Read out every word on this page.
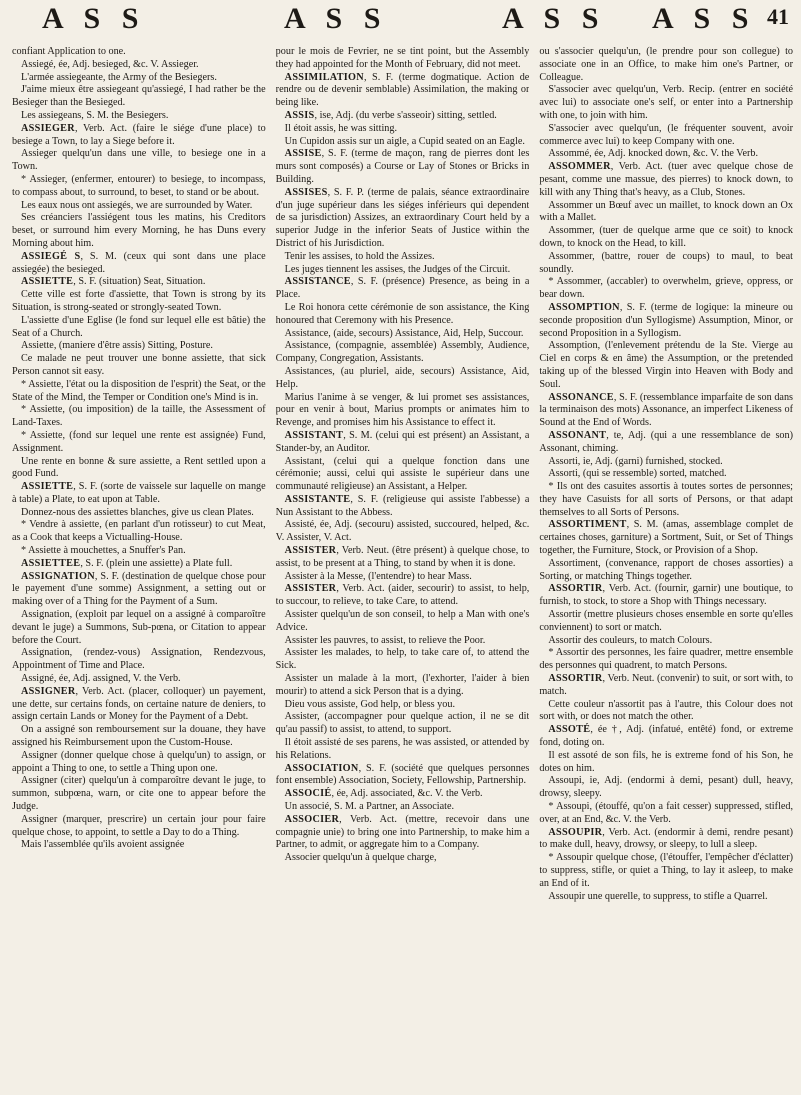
A S S	A S S	A S S A S S 41

confiant Application to one.

Assiegé, ée, Adj. besieged, &c. V. Assieger.

L'armée assiegeante, the Army of the Besiegers.

J'aime mieux être assiegeant qu'assiegé, I had rather be the Besieger than the Besieged.

Les assiegeans, S. M. the Besiegers.

ASSIEGER, Verb. Act. (faire le siége d'une place) to besiege a Town, to lay a Siege before it.

Assieger quelqu'un dans une ville, to besiege one in a Town.

* Assieger, (enfermer, entourer) to besiege, to incompass, to compass about, to surround, to beset, to stand or be about.

Les eaux nous ont assiegés, we are surrounded by Water.

Ses créanciers l'assiégent tous les matins, his Creditors beset, or surround him every Morning, he has Duns every Morning about him.

ASSIEGÉ S, S. M. (ceux qui sont dans une place assiegée) the besieged.

ASSIETTE, S. F. (situation) Seat, Situation.

Cette ville est forte d'assiette, that Town is strong by its Situation, is strong-seated or strongly-seated Town.

L'assiette d'une Eglise (le fond sur lequel elle est bâtie) the Seat of a Church.

Assiette, (maniere d'être assis) Sitting, Posture.

Ce malade ne peut trouver une bonne assiette, that sick Person cannot sit easy.

* Assiette, l'état ou la disposition de l'esprit) the Seat, or the State of the Mind, the Temper or Condition one's Mind is in.

* Assiette, (ou imposition) de la taille, the Assessment of Land-Taxes.

* Assiette, (fond sur lequel une rente est assignée) Fund, Assignment.

Une rente en bonne & sure assiette, a Rent settled upon a good Fund.

ASSIETTE, S. F. (sorte de vaissele sur laquelle on mange à table) a Plate, to eat upon at Table.

Donnez-nous des assiettes blanches, give us clean Plates.

* Vendre à assiette, (en parlant d'un rotisseur) to cut Meat, as a Cook that keeps a Victualling-House.

* Assiette à mouchettes, a Snuffer's Pan.

ASSIETTEE, S. F. (plein une assiette) a Plate full.

ASSIGNATION, S. F. (destination de quelque chose pour le payement d'une somme) Assignment, a setting out or making over of a Thing for the Payment of a Sum.

Assignation, (exploit par lequel on a assigné à comparoître devant le juge) a Summons, Sub-pœna, or Citation to appear before the Court.

Assignation, (rendez-vous) Assignation, Rendezvous, Appointment of Time and Place.

Assigné, ée, Adj. assigned, V. the Verb.

ASSIGNER, Verb. Act. (placer, colloquer) un payement, une dette, sur certains fonds, on certaine nature de deniers, to assign certain Lands or Money for the Payment of a Debt.

On a assigné son remboursement sur la douane, they have assigned his Reimbursement upon the Custom-House.

Assigner (donner quelque chose à quelqu'un) to assign, or appoint a Thing to one, to settle a Thing upon one.

Assigner (citer) quelqu'un à comparoître devant le juge, to summon, subpœna, warn, or cite one to appear before the Judge.

Assigner (marquer, prescrire) un certain jour pour faire quelque chose, to appoint, to settle a Day to do a Thing.

Mais l'assemblée qu'ils avoient assignée

pour le mois de Fevrier, ne se tint point, but the Assembly they had appointed for the Month of February, did not meet.

ASSIMILATION, S. F. (terme dogmatique. Action de rendre ou de devenir semblable) Assimilation, the making or being like.

ASSIS, ise, Adj. (du verbe s'asseoir) sitting, settled.

Il étoit assis, he was sitting.

Un Cupidon assis sur un aigle, a Cupid seated on an Eagle.

ASSISE, S. F. (terme de maçon, rang de pierres dont les murs sont composés) a Course or Lay of Stones or Bricks in Building.

ASSISES, S. F. P. (terme de palais, séance extraordinaire d'un juge supérieur dans les siéges inférieurs qui dependent de sa jurisdiction) Assizes, an extraordinary Court held by a superior Judge in the inferior Seats of Justice within the District of his Jurisdiction.

Tenir les assises, to hold the Assizes.

Les juges tiennent les assises, the Judges of the Circuit.

ASSISTANCE, S. F. (présence) Presence, as being in a Place.

Le Roi honora cette cérémonie de son assistance, the King honoured that Ceremony with his Presence.

Assistance, (aide, secours) Assistance, Aid, Help, Succour.

Assistance, (compagnie, assemblée) Assembly, Audience, Company, Congregation, Assistants.

Assistances, (au pluriel, aide, secours) Assistance, Aid, Help.

Marius l'anime à se venger, & lui promet ses assistances, pour en venir à bout, Marius prompts or animates him to Revenge, and promises him his Assistance to effect it.

ASSISTANT, S. M. (celui qui est présent) an Assistant, a Stander-by, an Auditor.

Assistant, (celui qui a quelque fonction dans une cérémonie; aussi, celui qui assiste le supérieur dans une communauté religieuse) an Assistant, a Helper.

ASSISTANTE, S. F. (religieuse qui assiste l'abbesse) a Nun Assistant to the Abbess.

Assisté, ée, Adj. (secouru) assisted, succoured, helped, &c. V. Assister, V. Act.

ASSISTER, Verb. Neut. (être présent) à quelque chose, to assist, to be present at a Thing, to stand by when it is done.

Assister à la Messe, (l'entendre) to hear Mass.

ASSISTER, Verb. Act. (aider, secourir) to assist, to help, to succour, to relieve, to take Care, to attend.

Assister quelqu'un de son conseil, to help a Man with one's Advice.

Assister les pauvres, to assist, to relieve the Poor.

Assister les malades, to help, to take care of, to attend the Sick.

Assister un malade à la mort, (l'exhorter, l'aider à bien mourir) to attend a sick Person that is a dying.

Dieu vous assiste, God help, or bless you.

Assister, (accompagner pour quelque action, il ne se dit qu'au passif) to assist, to attend, to support.

Il étoit assisté de ses parens, he was assisted, or attended by his Relations.

ASSOCIATION, S. F. (société que quelques personnes font ensemble) Association, Society, Fellowship, Partnership.

ASSOCIÉ, ée, Adj. associated, &c. V. the Verb.

Un associé, S. M. a Partner, an Associate.

ASSOCIER, Verb. Act. (mettre, recevoir dans une compagnie unie) to bring one into Partnership, to make him a Partner, to admit, or aggregate him to a Company.

Associer quelqu'un à quelque charge,

ou s'associer quelqu'un, (le prendre pour son collegue) to associate one in an Office, to make him one's Partner, or Colleague.

S'associer avec quelqu'un, Verb. Recip. (entrer en société avec lui) to associate one's self, or enter into a Partnership with one, to join with him.

S'associer avec quelqu'un, (le fréquenter souvent, avoir commerce avec lui) to keep Company with one.

Assommé, ée, Adj. knocked down, &c. V. the Verb.

ASSOMMER, Verb. Act. (tuer avec quelque chose de pesant, comme une massue, des pierres) to knock down, to kill with any Thing that's heavy, as a Club, Stones.

Assommer un Bœuf avec un maillet, to knock down an Ox with a Mallet.

Assommer, (tuer de quelque arme que ce soit) to knock down, to knock on the Head, to kill.

Assommer, (battre, rouer de coups) to maul, to beat soundly.

* Assommer, (accabler) to overwhelm, grieve, oppress, or bear down.

ASSOMPTION, S. F. (terme de logique: la mineure ou seconde proposition d'un Syllogisme) Assumption, Minor, or second Proposition in a Syllogism.

Assomption, (l'enlevement prétendu de la Ste. Vierge au Ciel en corps & en âme) the Assumption, or the pretended taking up of the blessed Virgin into Heaven with Body and Soul.

ASSONANCE, S. F. (ressemblance imparfaite de son dans la terminaison des mots) Assonance, an imperfect Likeness of Sound at the End of Words.

ASSONANT, te, Adj. (qui a une ressemblance de son) Assonant, chiming.

Assorti, ie, Adj. (garni) furnished, stocked.

Assorti, (qui se ressemble) sorted, matched.

* Ils ont des casuites assortis à toutes sortes de personnes; they have Casuists for all sorts of Persons, or that adapt themselves to all Sorts of Persons.

ASSORTIMENT, S. M. (amas, assemblage complet de certaines choses, garniture) a Sortment, Suit, or Set of Things together, the Furniture, Stock, or Provision of a Shop.

Assortiment, (convenance, rapport de choses assorties) a Sorting, or matching Things together.

ASSORTIR, Verb. Act. (fournir, garnir) une boutique, to furnish, to stock, to store a Shop with Things necessary.

Assortir (mettre plusieurs choses ensemble en sorte qu'elles conviennent) to sort or match.

Assortir des couleurs, to match Colours.

* Assortir des personnes, les faire quadrer, mettre ensemble des personnes qui quadrent, to match Persons.

ASSORTIR, Verb. Neut. (convenir) to suit, or sort with, to match.

Cette couleur n'assortit pas à l'autre, this Colour does not sort with, or does not match the other.

ASSOTÉ, ée †, Adj. (infatué, entêté) fond, or extreme fond, doting on.

Il est assoté de son fils, he is extreme fond of his Son, he dotes on him.

Assoupi, ie, Adj. (endormi à demi, pesant) dull, heavy, drowsy, sleepy.

* Assoupi, (étouffé, qu'on a fait cesser) suppressed, stifled, over, at an End, &c. V. the Verb.

ASSOUPIR, Verb. Act. (endormir à demi, rendre pesant) to make dull, heavy, drowsy, or sleepy, to lull a sleep.

* Assoupir quelque chose, (l'étouffer, l'empêcher d'éclatter) to suppress, stifle, or quiet a Thing, to lay it asleep, to make an End of it.

Assoupir une querelle, to suppress, to stifle a Quarrel.
